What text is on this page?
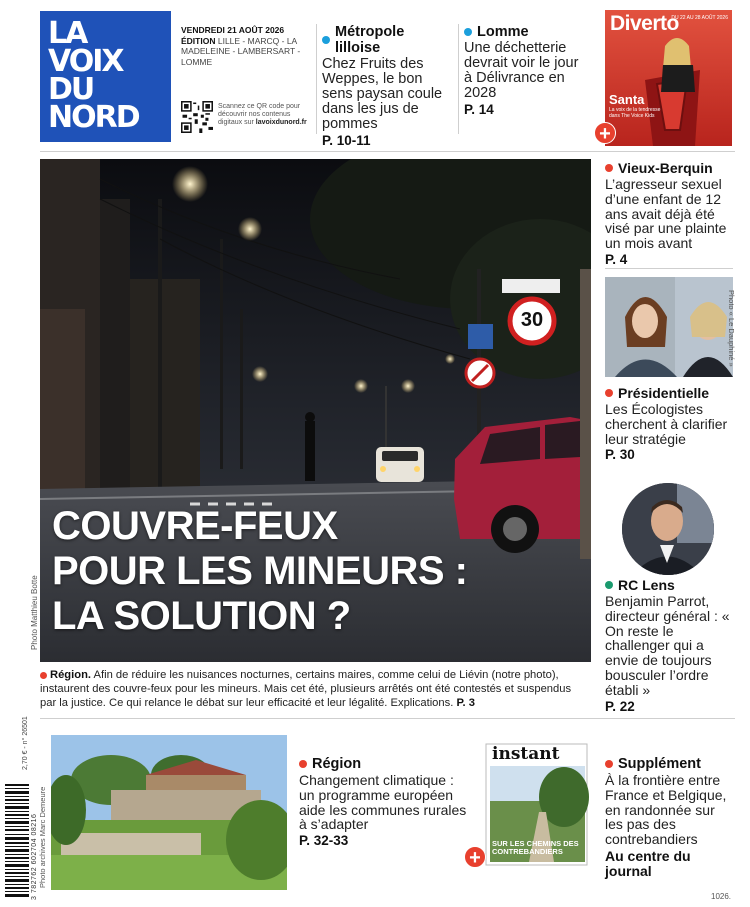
LA
VOIX
DU
NORD
VENDREDI 21 AOÛT 2026
ÉDITION LILLE - MARCQ - LA MADELEINE - LAMBERSART - LOMME
Scannez ce QR code pour découvrir nos contenus digitaux sur lavoixdunord.fr
Métropole lilloise
Chez Fruits des Weppes, le bon sens paysan coule dans les jus de pommes
P. 10-11
Lomme
Une déchetterie devrait voir le jour à Délivrance en 2028
P. 14
Diverto
DU 22 AU 28 AOÛT 2026
Santa
La voix de la tendresse dans The Voice Kids
+
30
COUVRE-FEUX
POUR LES MINEURS :
LA SOLUTION ?
Photo Matthieu Botte
Région. Afin de réduire les nuisances nocturnes, certains maires, comme celui de Liévin (notre photo), instaurent des couvre-feux pour les mineurs. Mais cet été, plusieurs arrêtés ont été contestés et suspendus par la justice. Ce qui relance le débat sur leur efficacité et leur légalité. Explications. P. 3
Vieux-Berquin
L’agresseur sexuel d’une enfant de 12 ans avait déjà été visé par une plainte un mois avant
P. 4
Photo « Le Dauphiné »
Présidentielle
Les Écologistes cherchent à clarifier leur stratégie
P. 30
RC Lens
Benjamin Parrot, directeur général : « On reste le challenger qui a envie de toujours bousculer l’ordre établi »
P. 22
Photo archives Marc Demeure
Région
Changement climatique : un programme européen aide les communes rurales à s’adapter
P. 32-33
instant
SUR LES CHEMINS DES CONTREBANDIERS
+
Supplément
À la frontière entre France et Belgique, en randonnée sur les pas des contrebandiers
Au centre du journal
2,70 € - n° 26501
3 782762 602704 08216	1026.
